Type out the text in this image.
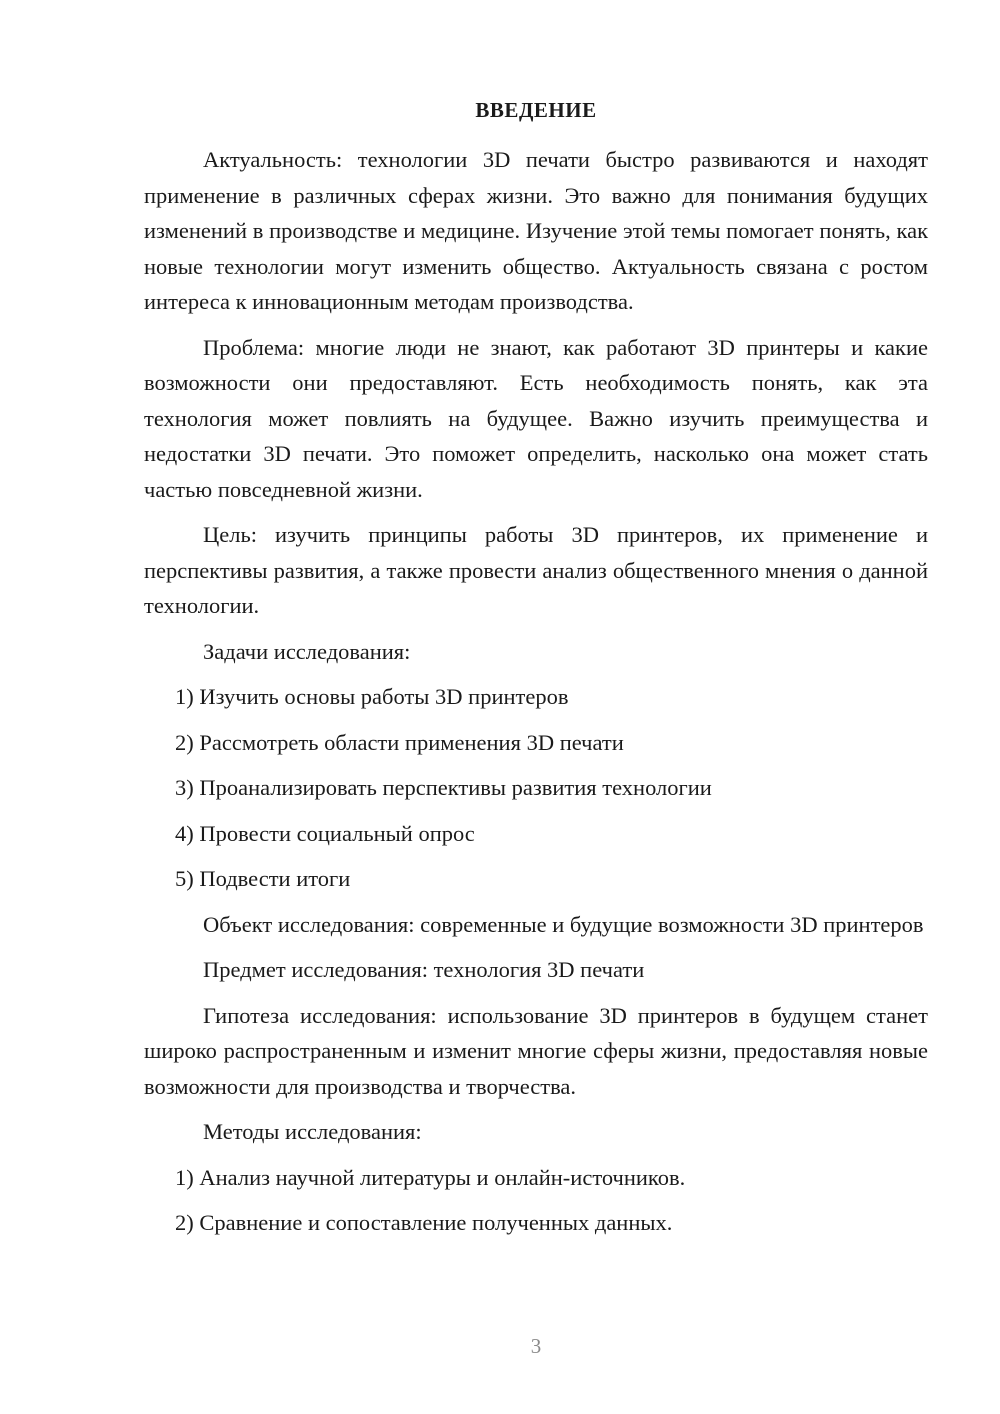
ВВЕДЕНИЕ

Актуальность: технологии 3D печати быстро развиваются и находят применение в различных сферах жизни. Это важно для понимания будущих изменений в производстве и медицине. Изучение этой темы помогает понять, как новые технологии могут изменить общество. Актуальность связана с ростом интереса к инновационным методам производства.

Проблема: многие люди не знают, как работают 3D принтеры и какие возможности они предоставляют. Есть необходимость понять, как эта технология может повлиять на будущее. Важно изучить преимущества и недостатки 3D печати. Это поможет определить, насколько она может стать частью повседневной жизни.

Цель: изучить принципы работы 3D принтеров, их применение и перспективы развития, а также провести анализ общественного мнения о данной технологии.

Задачи исследования:

1) Изучить основы работы 3D принтеров
2) Рассмотреть области применения 3D печати
3) Проанализировать перспективы развития технологии
4) Провести социальный опрос
5) Подвести итоги

Объект исследования: современные и будущие возможности 3D принтеров

Предмет исследования: технология 3D печати

Гипотеза исследования: использование 3D принтеров в будущем станет широко распространенным и изменит многие сферы жизни, предоставляя новые возможности для производства и творчества.

Методы исследования:

1) Анализ научной литературы и онлайн-источников.
2) Сравнение и сопоставление полученных данных.
3
